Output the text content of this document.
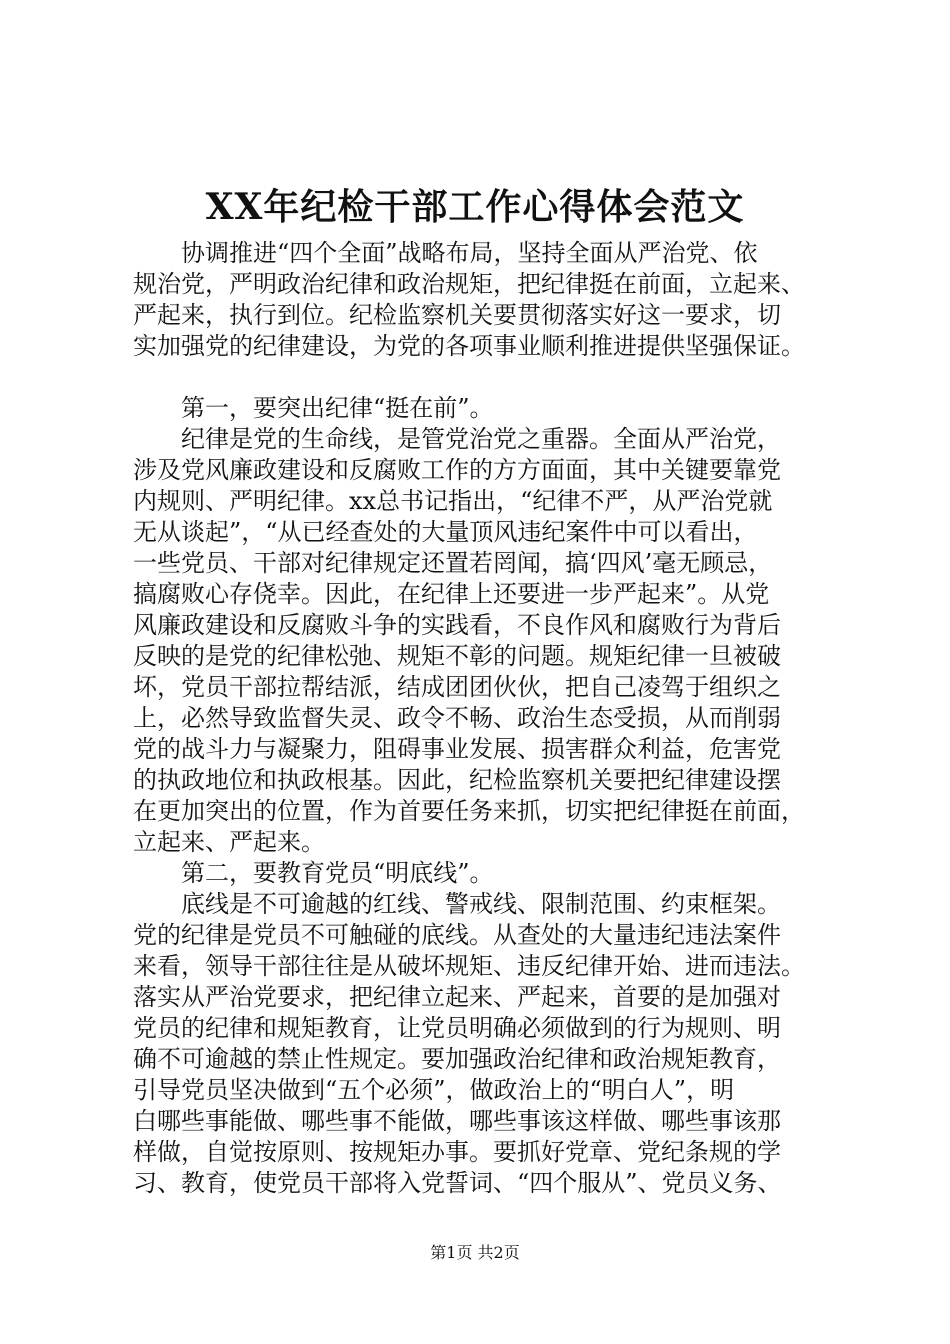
XX年纪检干部工作心得体会范文
协调推进“四个全面”战略布局，坚持全面从严治党、依
规治党，严明政治纪律和政治规矩，把纪律挺在前面，立起来、
严起来，执行到位。纪检监察机关要贯彻落实好这一要求，切
实加强党的纪律建设，为党的各项事业顺利推进提供坚强保证。
第一，要突出纪律“挺在前”。
纪律是党的生命线，是管党治党之重器。全面从严治党，
涉及党风廉政建设和反腐败工作的方方面面，其中关键要靠党
内规则、严明纪律。xx总书记指出，“纪律不严，从严治党就
无从谈起”，“从已经查处的大量顶风违纪案件中可以看出，
一些党员、干部对纪律规定还置若罔闻，搞‘四风’毫无顾忌，
搞腐败心存侥幸。因此，在纪律上还要进一步严起来”。从党
风廉政建设和反腐败斗争的实践看，不良作风和腐败行为背后
反映的是党的纪律松弛、规矩不彰的问题。规矩纪律一旦被破
坏，党员干部拉帮结派，结成团团伙伙，把自己凌驾于组织之
上，必然导致监督失灵、政令不畅、政治生态受损，从而削弱
党的战斗力与凝聚力，阻碍事业发展、损害群众利益，危害党
的执政地位和执政根基。因此，纪检监察机关要把纪律建设摆
在更加突出的位置，作为首要任务来抓，切实把纪律挺在前面，
立起来、严起来。
第二，要教育党员“明底线”。
底线是不可逾越的红线、警戒线、限制范围、约束框架。
党的纪律是党员不可触碰的底线。从查处的大量违纪违法案件
来看，领导干部往往是从破坏规矩、违反纪律开始、进而违法。
落实从严治党要求，把纪律立起来、严起来，首要的是加强对
党员的纪律和规矩教育，让党员明确必须做到的行为规则、明
确不可逾越的禁止性规定。要加强政治纪律和政治规矩教育，
引导党员坚决做到“五个必须”，做政治上的“明白人”，明
白哪些事能做、哪些事不能做，哪些事该这样做、哪些事该那
样做，自觉按原则、按规矩办事。要抓好党章、党纪条规的学
习、教育，使党员干部将入党誓词、“四个服从”、党员义务、
第1页 共2页
